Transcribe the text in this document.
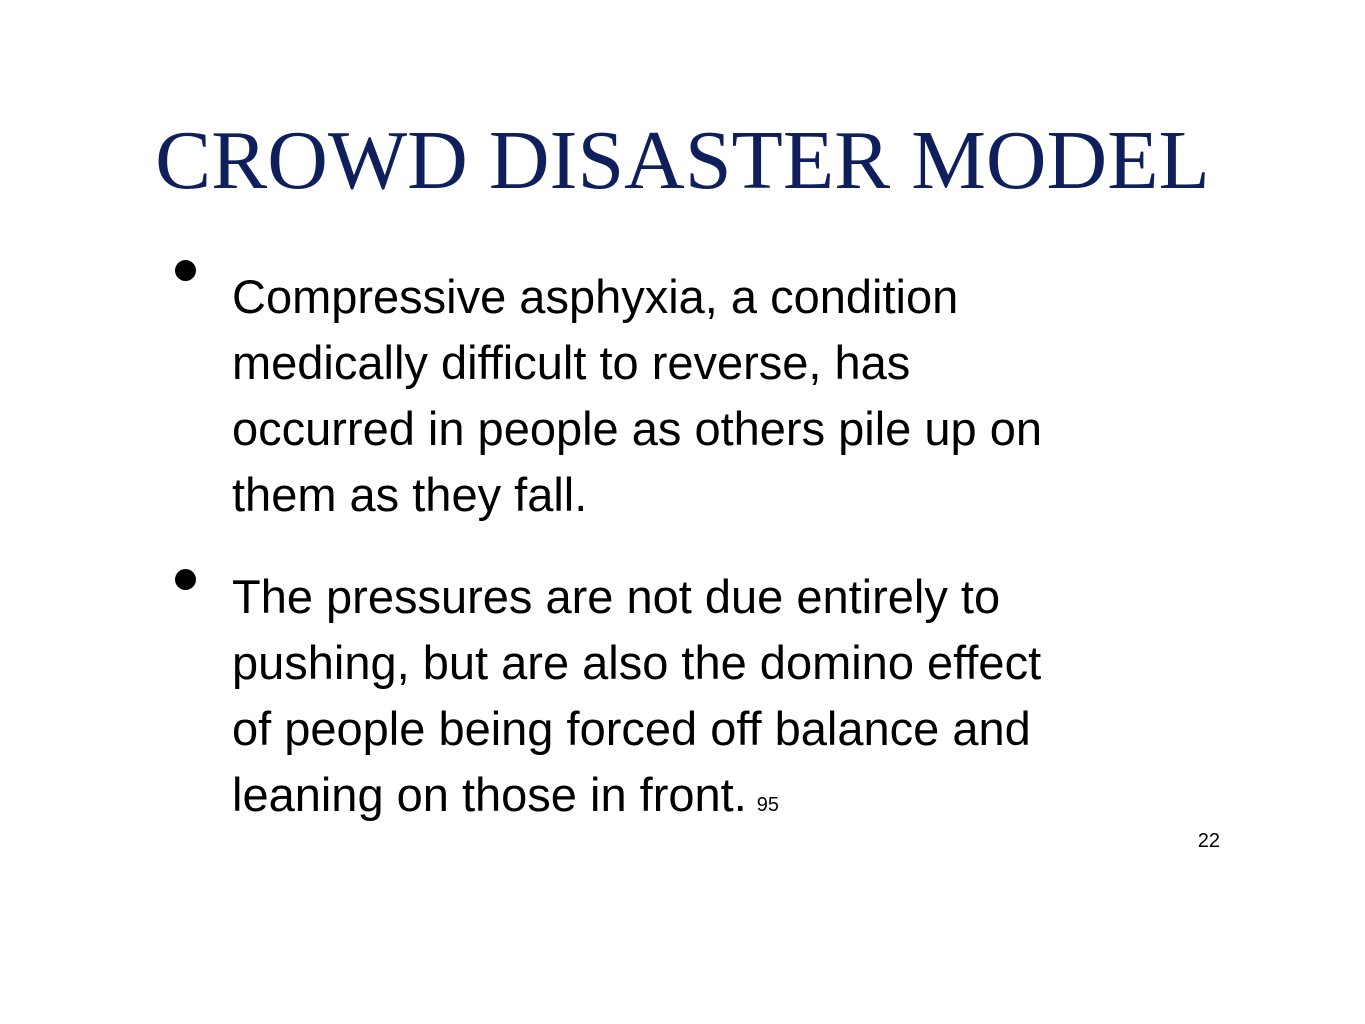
CROWD DISASTER MODEL

Compressive asphyxia, a condition
medically difficult to reverse, has
occurred in people as others pile up on
them as they fall.

The pressures are not due entirely to
pushing, but are also the domino effect
of people being forced off balance and
leaning on those in front. 95

22
